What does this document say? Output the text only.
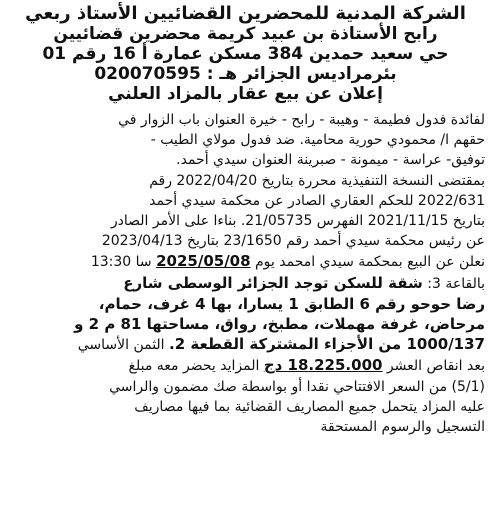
الشركة المدنية للمحضرين القضائيين الأستاذ ربعي
رابح الأستاذة بن عبيد كريمة محضرين قضائيين
حي سعيد حمدين 384 مسكن عمارة أ 16 رقم 01
بئرمراديس الجزائر هـ : 020070595
إعلان عن بيع عقار بالمزاد العلني
لفائدة فدول فطيمة - وهيبة - رابح - خيرة العنوان باب الزوار في
حقهم ا/ محمودي حورية محامية. ضد فدول مولاي الطيب -
توفيق- عراسة - ميمونة - صبرينة العنوان سيدي أحمد.
بمقتضى النسخة التنفيذية محررة بتاريخ 2022/04/20 رقم
2022/631 للحكم العقاري الصادر عن محكمة سيدي أحمد
بتاريخ 2021/11/15 الفهرس 21/05735. بناءا على الأمر الصادر
عن رئيس محكمة سيدي أحمد رقم 23/1650 بتاريخ 2023/04/13
نعلن عن البيع بمحكمة سيدي امحمد يوم 2025/05/08 سا 13:30
بالقاعة 3: شقة للسكن توجد الجزائر الوسطى شارع
رضا حوحو رقم 6 الطابق 1 يسارا، بها 4 غرف، حمام،
مرحاض، غرفة مهملات، مطبخ، رواق، مساحتها 81 م 2 و
1000/137 من الأجزاء المشتركة القطعة 2. الثمن الأساسي
بعد انقاص العشر 18.225.000 دج المزايد يحضر معه مبلغ
(5/1) من السعر الافتتاحي نقدا أو بواسطة صك مضمون والراسي
عليه المزاد يتحمل جميع المصاريف القضائية بما فيها مصاريف
التسجيل والرسوم المستحقة
